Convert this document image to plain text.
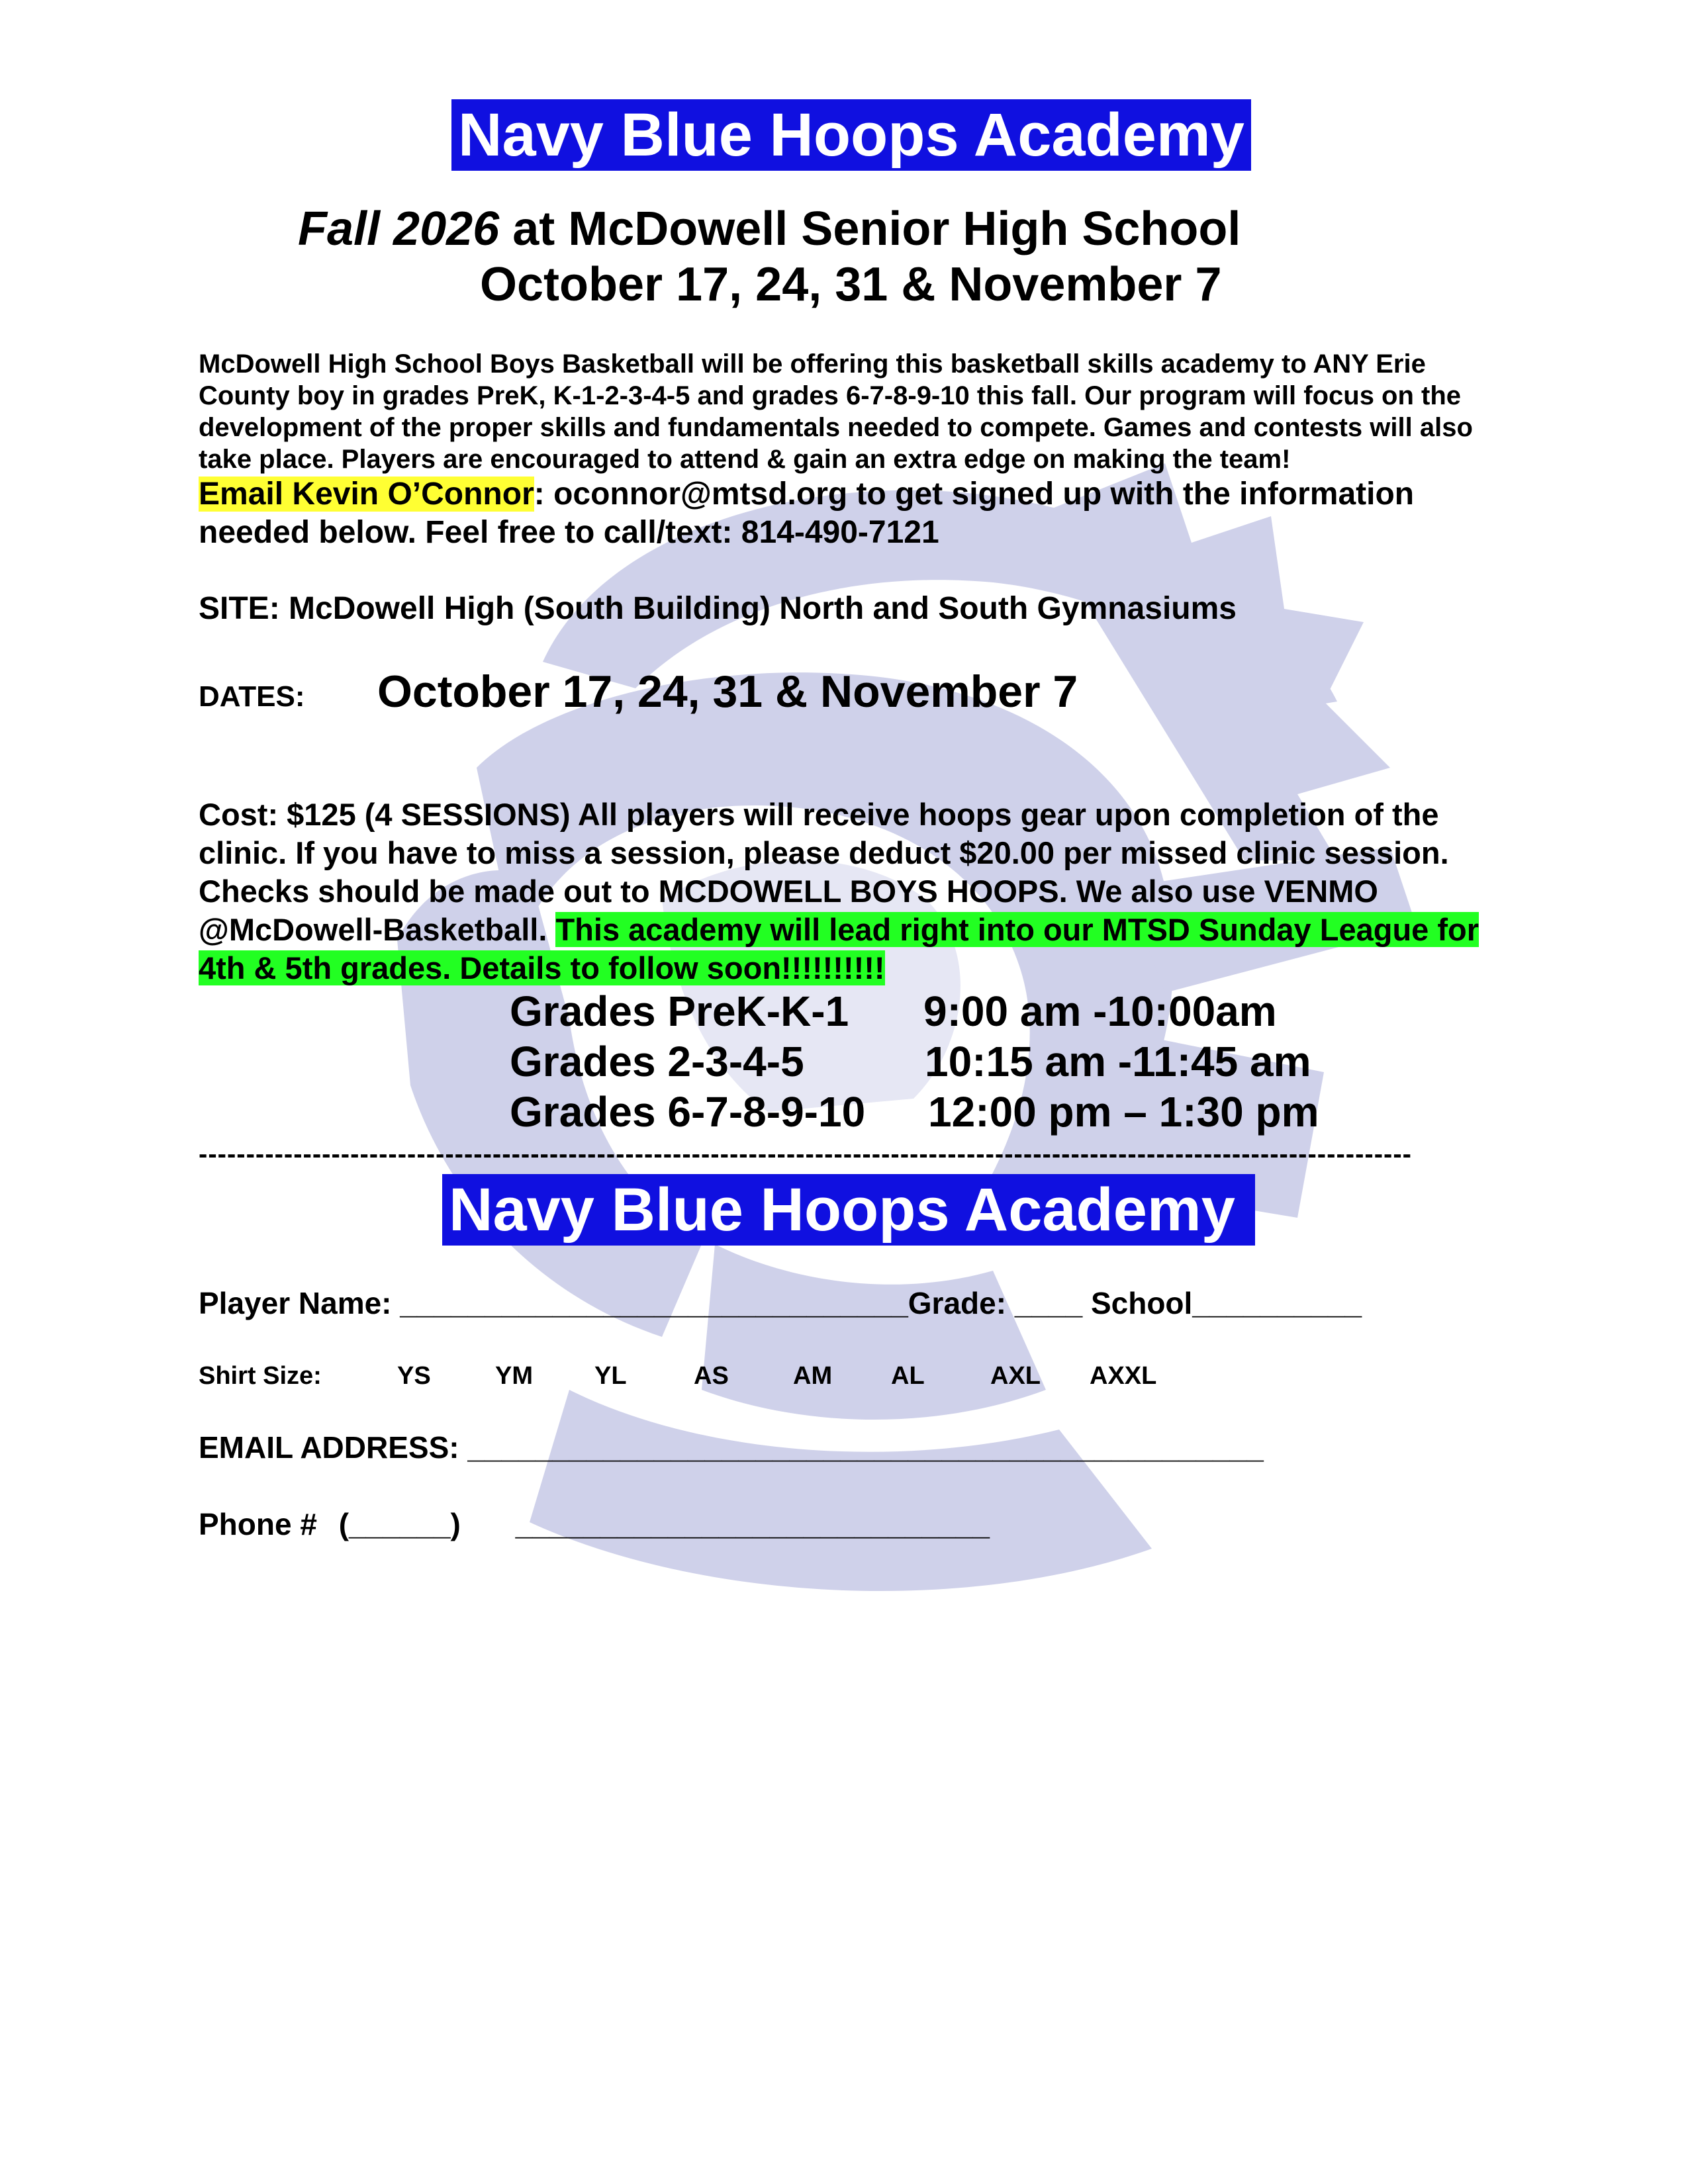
Navy Blue Hoops Academy
Fall 2026 at McDowell Senior High School
October 17, 24, 31 & November 7
McDowell High School Boys Basketball will be offering this basketball skills academy to ANY Erie County boy in grades PreK, K-1-2-3-4-5 and grades 6-7-8-9-10 this fall. Our program will focus on the development of the proper skills and fundamentals needed to compete. Games and contests will also take place. Players are encouraged to attend & gain an extra edge on making the team!
Email Kevin O’Connor: oconnor@mtsd.org to get signed up with the information needed below. Feel free to call/text: 814-490-7121
SITE: McDowell High (South Building) North and South Gymnasiums
DATES: October 17, 24, 31 & November 7
Cost: $125 (4 SESSIONS) All players will receive hoops gear upon completion of the clinic. If you have to miss a session, please deduct $20.00 per missed clinic session. Checks should be made out to MCDOWELL BOYS HOOPS. We also use VENMO @McDowell-Basketball. This academy will lead right into our MTSD Sunday League for 4th & 5th grades. Details to follow soon!!!!!!!!!!
Grades PreK-K-1 9:00 am -10:00am
Grades 2-3-4-5	10:15 am -11:45 am
Grades 6-7-8-9-10 12:00 pm – 1:30 pm
--------------------------------------------------------------------------------------------------------------------------------
Navy Blue Hoops Academy
Player Name: ______________________________Grade: ____ School__________
Shirt Size:	YS	YM YL	AS	AM AL	AXL AXXL
EMAIL ADDRESS: _______________________________________________
Phone # (______) ____________________________
